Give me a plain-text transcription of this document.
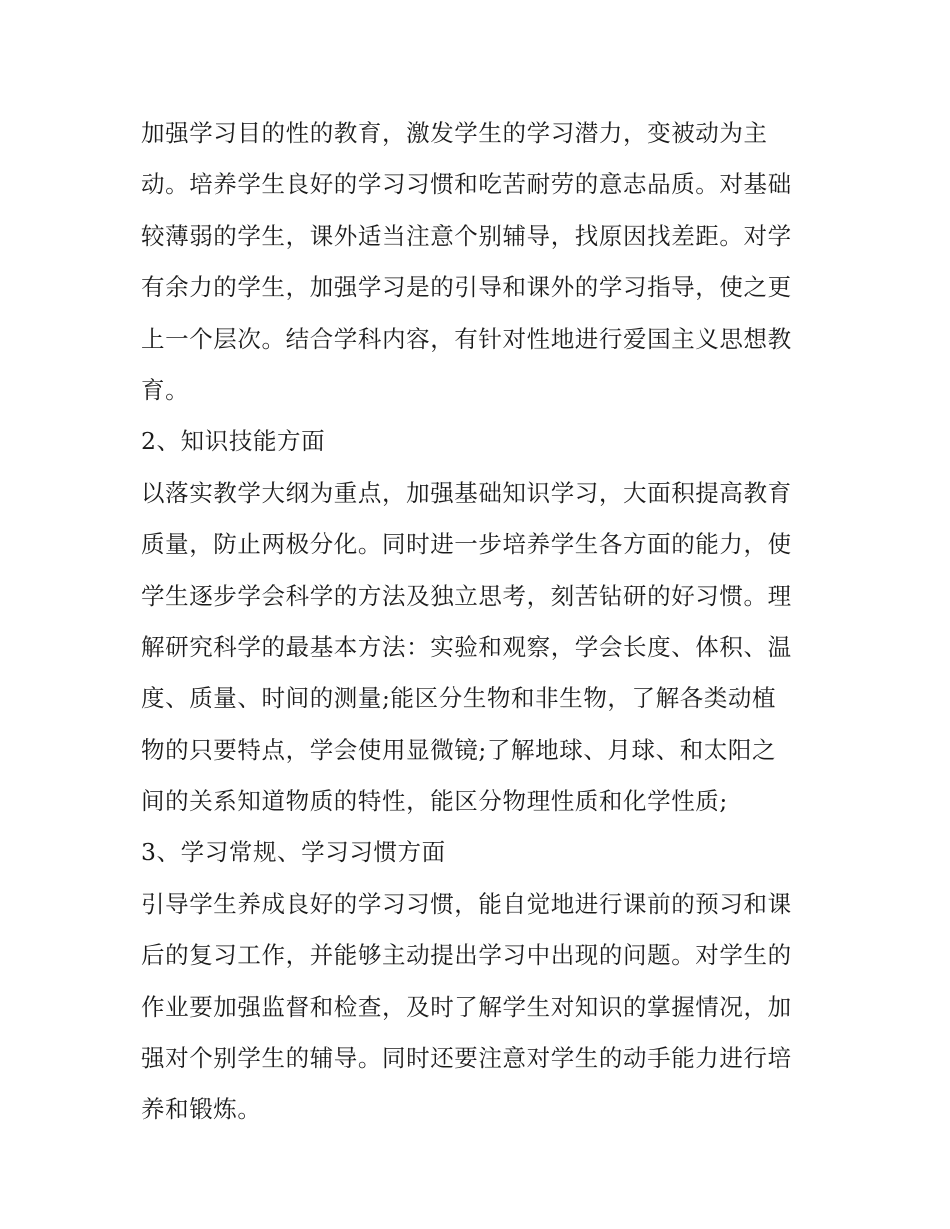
加强学习目的性的教育，激发学生的学习潜力，变被动为主
动。培养学生良好的学习习惯和吃苦耐劳的意志品质。对基础
较薄弱的学生，课外适当注意个别辅导，找原因找差距。对学
有余力的学生，加强学习是的引导和课外的学习指导，使之更
上一个层次。结合学科内容，有针对性地进行爱国主义思想教
育。
2、知识技能方面
以落实教学大纲为重点，加强基础知识学习，大面积提高教育
质量，防止两极分化。同时进一步培养学生各方面的能力，使
学生逐步学会科学的方法及独立思考，刻苦钻研的好习惯。理
解研究科学的最基本方法：实验和观察，学会长度、体积、温
度、质量、时间的测量;能区分生物和非生物，了解各类动植
物的只要特点，学会使用显微镜;了解地球、月球、和太阳之
间的关系知道物质的特性，能区分物理性质和化学性质;
3、学习常规、学习习惯方面
引导学生养成良好的学习习惯，能自觉地进行课前的预习和课
后的复习工作，并能够主动提出学习中出现的问题。对学生的
作业要加强监督和检查，及时了解学生对知识的掌握情况，加
强对个别学生的辅导。同时还要注意对学生的动手能力进行培
养和锻炼。
